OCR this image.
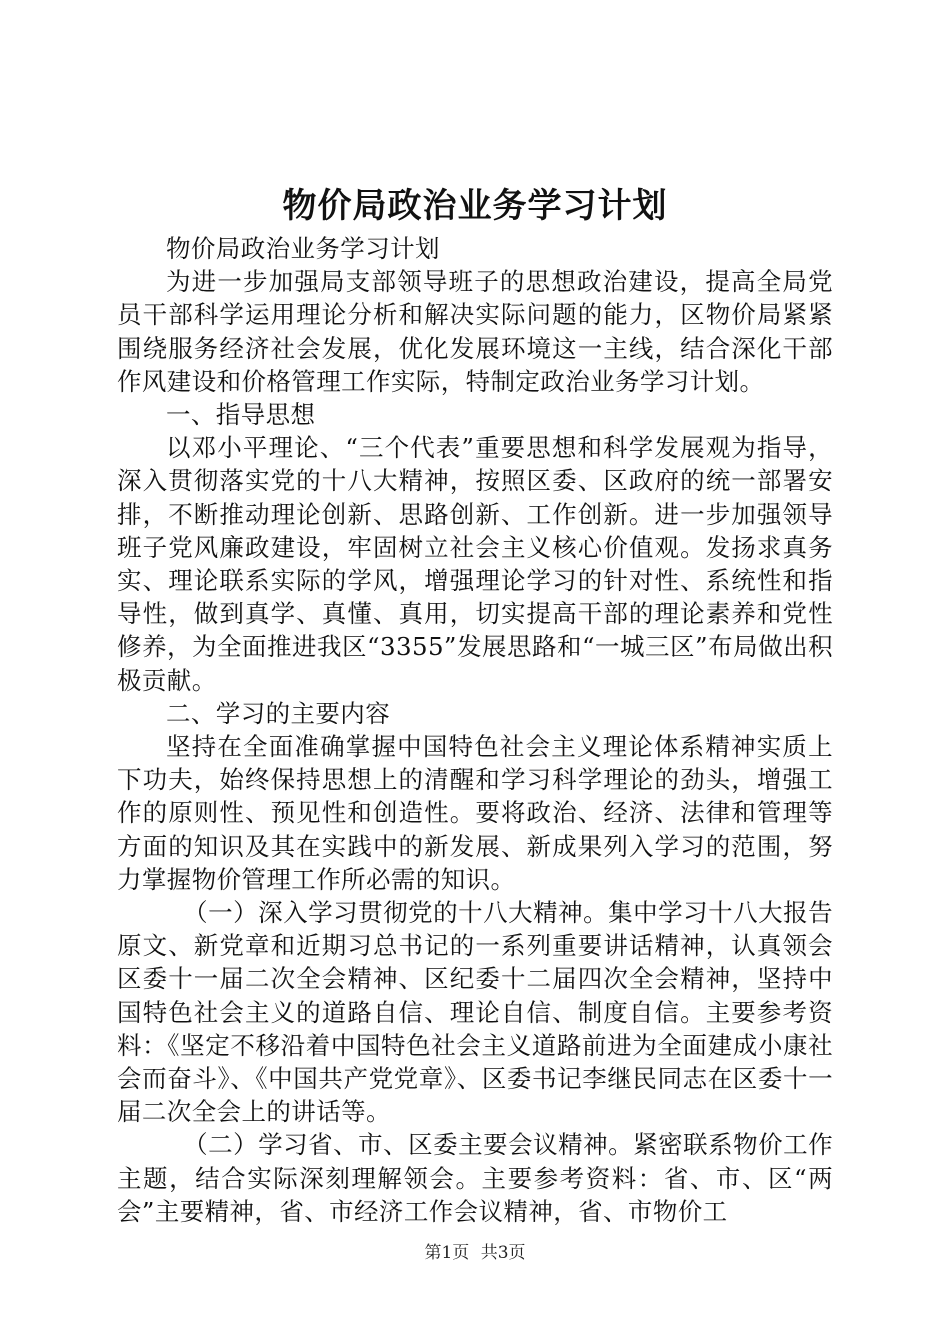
物价局政治业务学习计划

物价局政治业务学习计划

为进一步加强局支部领导班子的思想政治建设，提高全局党员干部科学运用理论分析和解决实际问题的能力，区物价局紧紧围绕服务经济社会发展，优化发展环境这一主线，结合深化干部作风建设和价格管理工作实际，特制定政治业务学习计划。

一、指导思想

以邓小平理论、“三个代表”重要思想和科学发展观为指导，深入贯彻落实党的十八大精神，按照区委、区政府的统一部署安排，不断推动理论创新、思路创新、工作创新。进一步加强领导班子党风廉政建设，牢固树立社会主义核心价值观。发扬求真务实、理论联系实际的学风，增强理论学习的针对性、系统性和指导性，做到真学、真懂、真用，切实提高干部的理论素养和党性修养，为全面推进我区“3355”发展思路和“一城三区”布局做出积极贡献。

二、学习的主要内容

坚持在全面准确掌握中国特色社会主义理论体系精神实质上下功夫，始终保持思想上的清醒和学习科学理论的劲头，增强工作的原则性、预见性和创造性。要将政治、经济、法律和管理等方面的知识及其在实践中的新发展、新成果列入学习的范围，努力掌握物价管理工作所必需的知识。

（一）深入学习贯彻党的十八大精神。集中学习十八大报告原文、新党章和近期习总书记的一系列重要讲话精神，认真领会区委十一届二次全会精神、区纪委十二届四次全会精神，坚持中国特色社会主义的道路自信、理论自信、制度自信。主要参考资料：《坚定不移沿着中国特色社会主义道路前进为全面建成小康社会而奋斗》、《中国共产党党章》、区委书记李继民同志在区委十一届二次全会上的讲话等。

（二）学习省、市、区委主要会议精神。紧密联系物价工作主题，结合实际深刻理解领会。主要参考资料：省、市、区“两会”主要精神，省、市经济工作会议精神，省、市物价工

第1页 共3页
